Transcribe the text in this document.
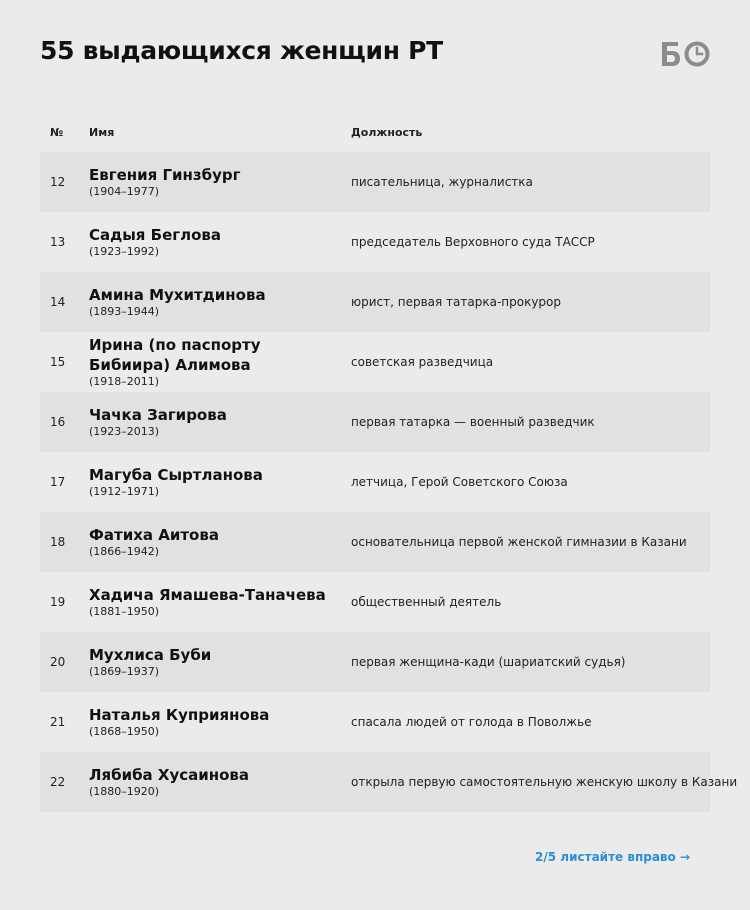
55 выдающихся женщин РТ
№ Имя	Должность
12 Евгения Гинзбург
(1904–1977)
писательница, журналистка
13 Садыя Беглова
(1923–1992)
председатель Верховного суда ТАССР
14 Амина Мухитдинова
(1893–1944)
юрист, первая татарка-прокурор
15
Ирина (по паспорту Бибиира) Алимова
(1918–2011)
советская разведчица
16 Чачка Загирова
(1923–2013)
первая татарка — военный разведчик
17 Магуба Сыртланова
(1912–1971)
летчица, Герой Советского Союза
18 Фатиха Аитова
(1866–1942)
основательница первой женской гимназии в Казани
19 Хадича Ямашева-Таначева
(1881–1950)
общественный деятель
20 Мухлиса Буби
(1869–1937)
первая женщина-кади (шариатский судья)
21 Наталья Куприянова
(1868–1950)
спасала людей от голода в Поволжье
22 Лябиба Хусаинова
(1880–1920)
открыла первую самостоятельную женскую школу в Казани
2/5 листайте вправо →
